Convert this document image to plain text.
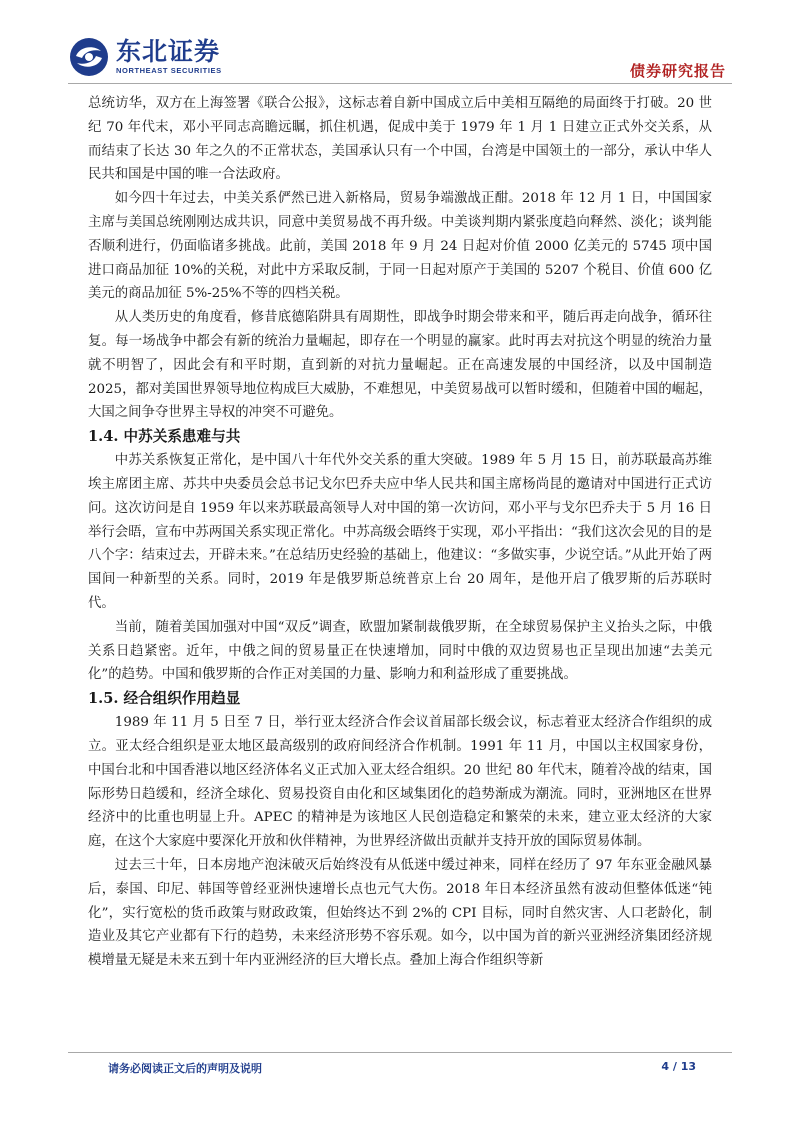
东北证券
NORTHEAST SECURITIES	债券研究报告

总统访华，双方在上海签署《联合公报》，这标志着自新中国成立后中美相互隔绝的局面终于打破。20 世纪 70 年代末，邓小平同志高瞻远瞩，抓住机遇，促成中美于 1979 年 1 月 1 日建立正式外交关系，从而结束了长达 30 年之久的不正常状态，美国承认只有一个中国，台湾是中国领土的一部分，承认中华人民共和国是中国的唯一合法政府。

如今四十年过去，中美关系俨然已进入新格局，贸易争端激战正酣。2018 年 12 月 1 日，中国国家主席与美国总统刚刚达成共识，同意中美贸易战不再升级。中美谈判期内紧张度趋向释然、淡化；谈判能否顺利进行，仍面临诸多挑战。此前，美国 2018 年 9 月 24 日起对价值 2000 亿美元的 5745 项中国进口商品加征 10%的关税，对此中方采取反制，于同一日起对原产于美国的 5207 个税目、价值 600 亿美元的商品加征 5%-25%不等的四档关税。

从人类历史的角度看，修昔底德陷阱具有周期性，即战争时期会带来和平，随后再走向战争，循环往复。每一场战争中都会有新的统治力量崛起，即存在一个明显的赢家。此时再去对抗这个明显的统治力量就不明智了，因此会有和平时期，直到新的对抗力量崛起。正在高速发展的中国经济，以及中国制造 2025，都对美国世界领导地位构成巨大威胁，不难想见，中美贸易战可以暂时缓和，但随着中国的崛起，大国之间争夺世界主导权的冲突不可避免。

1.4. 中苏关系患难与共

中苏关系恢复正常化，是中国八十年代外交关系的重大突破。1989 年 5 月 15 日，前苏联最高苏维埃主席团主席、苏共中央委员会总书记戈尔巴乔夫应中华人民共和国主席杨尚昆的邀请对中国进行正式访问。这次访问是自 1959 年以来苏联最高领导人对中国的第一次访问，邓小平与戈尔巴乔夫于 5 月 16 日举行会晤，宣布中苏两国关系实现正常化。中苏高级会晤终于实现，邓小平指出：“我们这次会见的目的是八个字：结束过去，开辟未来。”在总结历史经验的基础上，他建议：“多做实事，少说空话。”从此开始了两国间一种新型的关系。同时，2019 年是俄罗斯总统普京上台 20 周年，是他开启了俄罗斯的后苏联时代。

当前，随着美国加强对中国“双反”调查，欧盟加紧制裁俄罗斯，在全球贸易保护主义抬头之际，中俄关系日趋紧密。近年，中俄之间的贸易量正在快速增加，同时中俄的双边贸易也正呈现出加速“去美元化”的趋势。中国和俄罗斯的合作正对美国的力量、影响力和利益形成了重要挑战。

1.5. 经合组织作用趋显

1989 年 11 月 5 日至 7 日，举行亚太经济合作会议首届部长级会议，标志着亚太经济合作组织的成立。亚太经合组织是亚太地区最高级别的政府间经济合作机制。1991 年 11 月，中国以主权国家身份，中国台北和中国香港以地区经济体名义正式加入亚太经合组织。20 世纪 80 年代末，随着冷战的结束，国际形势日趋缓和，经济全球化、贸易投资自由化和区域集团化的趋势渐成为潮流。同时，亚洲地区在世界经济中的比重也明显上升。APEC 的精神是为该地区人民创造稳定和繁荣的未来，建立亚太经济的大家庭，在这个大家庭中要深化开放和伙伴精神，为世界经济做出贡献并支持开放的国际贸易体制。

过去三十年，日本房地产泡沫破灭后始终没有从低迷中缓过神来，同样在经历了 97 年东亚金融风暴后，泰国、印尼、韩国等曾经亚洲快速增长点也元气大伤。2018 年日本经济虽然有波动但整体低迷“钝化”，实行宽松的货币政策与财政政策，但始终达不到 2%的 CPI 目标，同时自然灾害、人口老龄化，制造业及其它产业都有下行的趋势，未来经济形势不容乐观。如今，以中国为首的新兴亚洲经济集团经济规模增量无疑是未来五到十年内亚洲经济的巨大增长点。叠加上海合作组织等新

请务必阅读正文后的声明及说明	4 / 13
